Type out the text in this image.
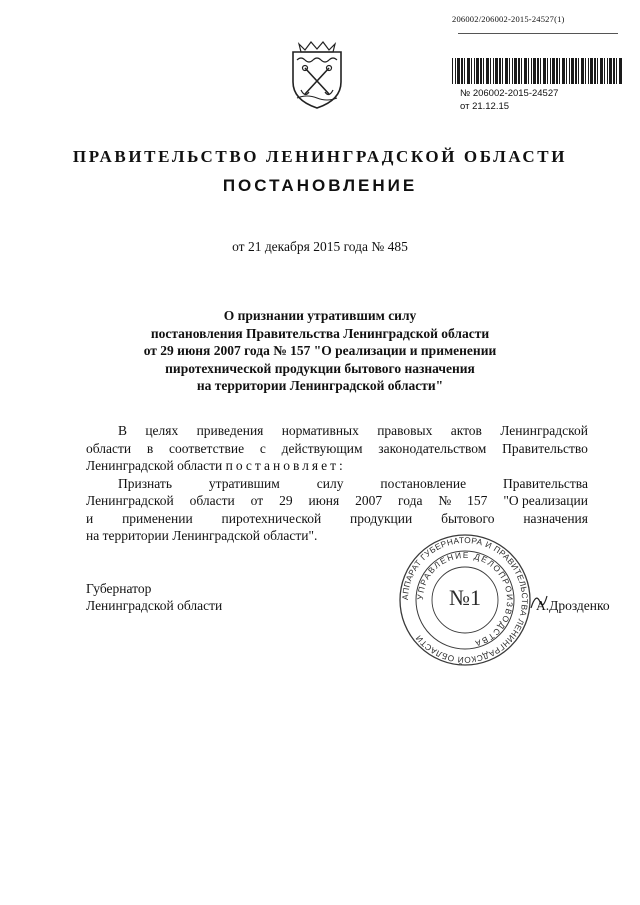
206002/206002-2015-24527(1)
№ 206002-2015-24527
от 21.12.15
ПРАВИТЕЛЬСТВО ЛЕНИНГРАДСКОЙ ОБЛАСТИ
ПОСТАНОВЛЕНИЕ
от 21 декабря 2015 года № 485
О признании утратившим силу
постановления Правительства Ленинградской области
от 29 июня 2007 года № 157 "О реализации и применении
пиротехнической продукции бытового назначения
на территории Ленинградской области"
В целях приведения нормативных правовых актов Ленинградской
области в соответствие с действующим законодательством Правительство
Ленинградской области
постановляет:
Признать	утратившим	силу	постановление	Правительства
Ленинградской области от 29 июня 2007 года № 157 "О реализации
и применении пиротехнической продукции бытового назначения
на территории Ленинградской области".
Губернатор
Ленинградской области
АППАРАТ ГУБЕРНАТОРА И ПРАВИТЕЛЬСТВА ЛЕНИНГРАДСКОЙ ОБЛАСТИ
УПРАВЛЕНИЕ ДЕЛОПРОИЗВОДСТВА
№1	А.Дрозденко
